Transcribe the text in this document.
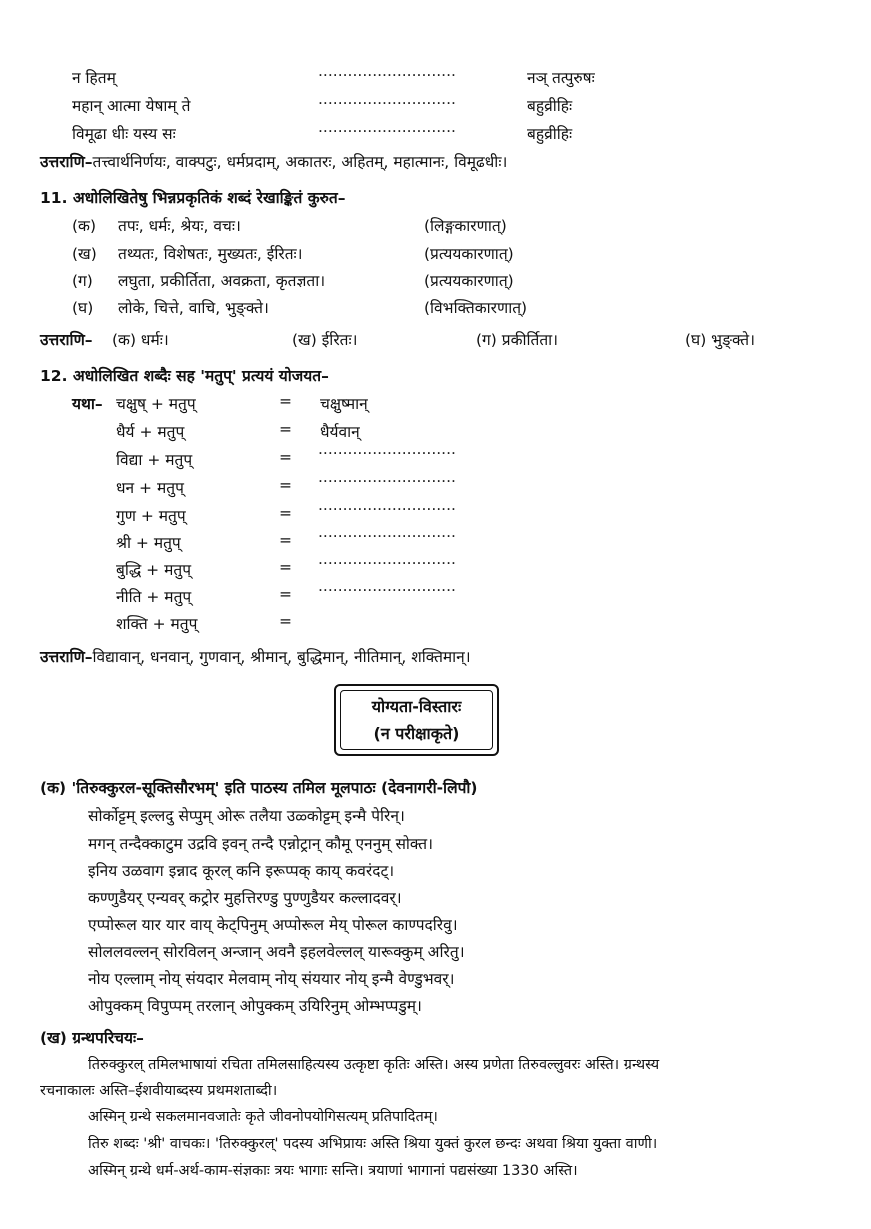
न हितम्	............................	नञ् तत्पुरुषः
महान् आत्मा येषाम् ते	............................	बहुव्रीहिः
विमूढा धीः यस्य सः	............................	बहुव्रीहिः
उत्तराणि–तत्त्वार्थनिर्णयः, वाक्पटुः, धर्मप्रदाम्, अकातरः, अहितम्, महात्मानः, विमूढधीः।
11. अधोलिखितेषु भिन्नप्रकृतिकं शब्दं रेखाङ्कितं कुरुत–
(क) तपः, धर्मः, श्रेयः, वचः।	(लिङ्गकारणात्)
(ख) तथ्यतः, विशेषतः, मुख्यतः, ईरितः।	(प्रत्ययकारणात्)
(ग) लघुता, प्रकीर्तिता, अवक्रता, कृतज्ञता।	(प्रत्ययकारणात्)
(घ) लोके, चित्ते, वाचि, भुङ्क्ते।	(विभक्तिकारणात्)
उत्तराणि– (क) धर्मः।	(ख) ईरितः।	(ग) प्रकीर्तिता।	(घ) भुङ्क्ते।
12. अधोलिखित शब्दैः सह 'मतुप्' प्रत्ययं योजयत–
यथा– चक्षुष् + मतुप्	= चक्षुष्मान्
धैर्य + मतुप्	= धैर्यवान्
विद्या + मतुप्	= ............................
धन + मतुप्	= ............................
गुण + मतुप्	= ............................
श्री + मतुप्	= ............................
बुद्धि + मतुप्	= ............................
नीति + मतुप्	= ............................
शक्ति + मतुप्	=
उत्तराणि–विद्यावान्, धनवान्, गुणवान्, श्रीमान्, बुद्धिमान्, नीतिमान्, शक्तिमान्।
योग्यता-विस्तारः
(न परीक्षाकृते)
(क) 'तिरुक्कुरल-सूक्तिसौरभम्' इति पाठस्य तमिल मूलपाठः (देवनागरी-लिपौ)
सोर्कोट्टम् इल्लदु सेप्पुम् ओरू तलैया उळ्कोट्टम् इन्मै पेरिन्।
मगन् तन्दैक्काटुम उद्रवि इवन् तन्दै एन्नोट्रान् कौमू एननुम् सोक्त।
इनिय उळवाग इन्नाद कूरल् कनि इरूप्पक् काय् कवरंदट्।
कण्णुडैयर् एन्यवर् कट्रोर मुहत्तिरण्डु पुण्णुडैयर कल्लादवर्।
एप्पोरूल यार यार वाय् केट्पिनुम् अप्पोरूल मेय् पोरूल काण्पदरिवु।
सोललवल्लन् सोरविलन् अन्जान् अवनै इहलवेल्लल् यारूक्कुम् अरितु।
नोय एल्लाम् नोय् संयदार मेलवाम् नोय् संययार नोय् इन्मै वेण्डुभवर्।
ओपुक्कम् विपुप्पम् तरलान् ओपुक्कम् उयिरिनुम् ओम्भप्पडुम्।
(ख) ग्रन्थपरिचयः–
तिरुक्कुरल् तमिलभाषायां रचिता तमिलसाहित्यस्य उत्कृष्टा कृतिः अस्ति। अस्य प्रणेता तिरुवल्लुवरः अस्ति। ग्रन्थस्य
रचनाकालः अस्ति–ईशवीयाब्दस्य प्रथमशताब्दी।
अस्मिन् ग्रन्थे सकलमानवजातेः कृते जीवनोपयोगिसत्यम् प्रतिपादितम्।
तिरु शब्दः 'श्री' वाचकः। 'तिरुक्कुरल्' पदस्य अभिप्रायः अस्ति श्रिया युक्तं कुरल छन्दः अथवा श्रिया युक्ता वाणी।
अस्मिन् ग्रन्थे धर्म-अर्थ-काम-संज्ञकाः त्रयः भागाः सन्ति। त्रयाणां भागानां पद्यसंख्या 1330 अस्ति।
